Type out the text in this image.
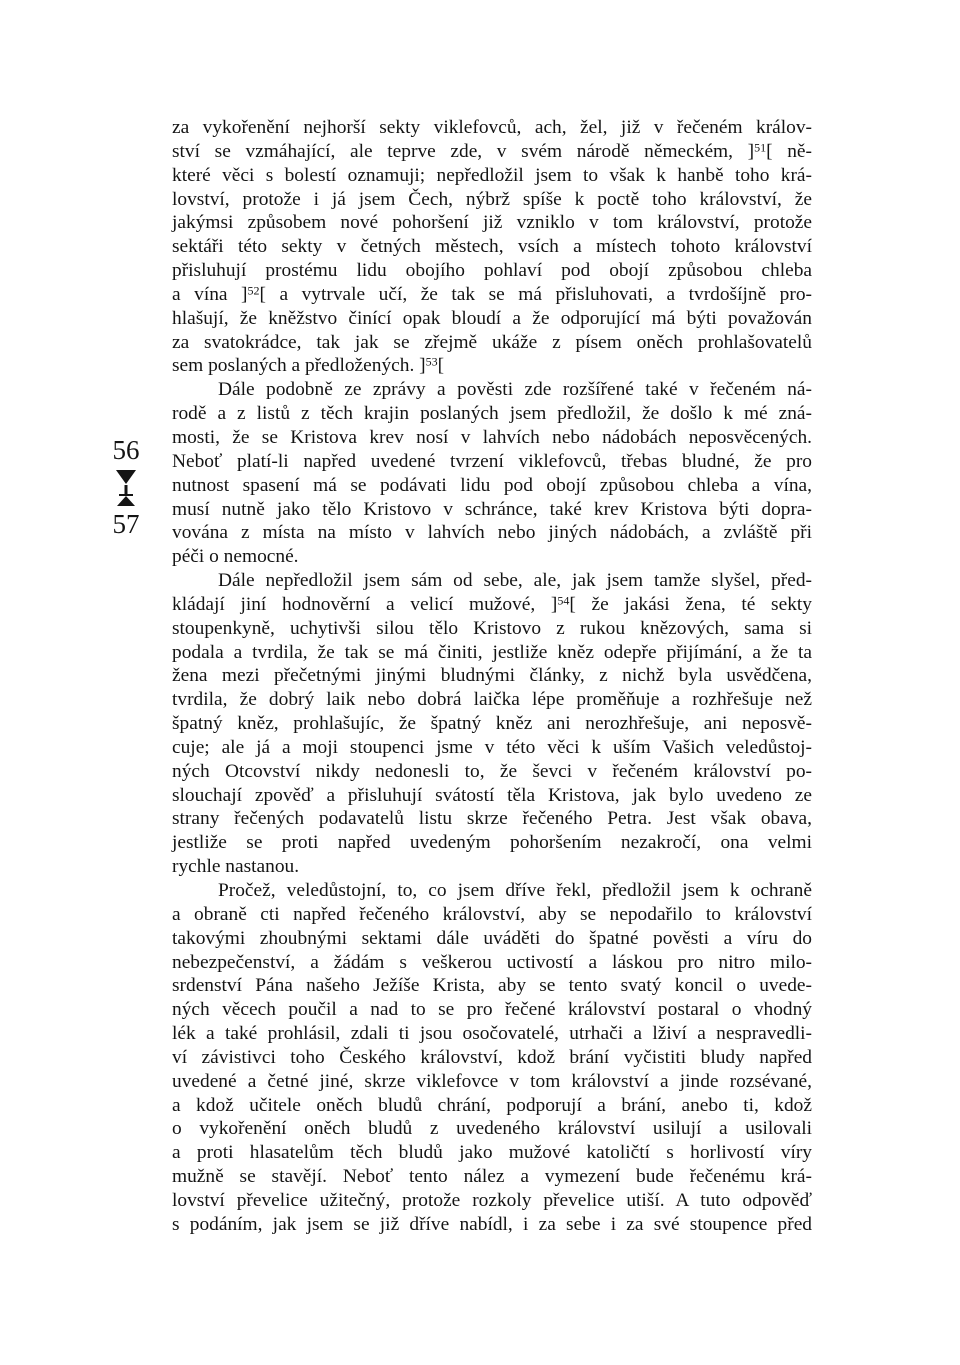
56
57
za vykořenění nejhorší sekty viklefovců, ach, žel, již v řečeném králov-
ství se vzmáhající, ale teprve zde, v svém národě německém, ]$^{51}$[ ně-
které věci s bolestí oznamuji; nepředložil jsem to však k hanbě toho krá-
lovství, protože i já jsem Čech, nýbrž spíše k poctě toho království, že
jakýmsi způsobem nové pohoršení již vzniklo v tom království, protože
sektáři této sekty v četných městech, vsích a místech tohoto království
přisluhují prostému lidu obojího pohlaví pod obojí způsobou chleba
a vína ]$^{52}$[ a vytrvale učí, že tak se má přisluhovati, a tvrdošíjně pro-
hlašují, že kněžstvo činící opak bloudí a že odporující má býti považován
za svatokrádce, tak jak se zřejmě ukáže z písem oněch prohlašovatelů
sem poslaných a předložených. ]$^{53}$[
Dále podobně ze zprávy a pověsti zde rozšířené také v řečeném ná-
rodě a z listů z těch krajin poslaných jsem předložil, že došlo k mé zná-
mosti, že se Kristova krev nosí v lahvích nebo nádobách neposvěcených.
Neboť platí-li napřed uvedené tvrzení viklefovců, třebas bludné, že pro
nutnost spasení má se podávati lidu pod obojí způsobou chleba a vína,
musí nutně jako tělo Kristovo v schránce, také krev Kristova býti dopra-
vována z místa na místo v lahvích nebo jiných nádobách, a zvláště při
péči o nemocné.
Dále nepředložil jsem sám od sebe, ale, jak jsem tamže slyšel, před-
kládají jiní hodnověrní a velicí mužové, ]$^{54}$[ že jakási žena, té sekty
stoupenkyně, uchytivši silou tělo Kristovo z rukou knězových, sama si
podala a tvrdila, že tak se má činiti, jestliže kněz odepře přijímání, a že ta
žena mezi přečetnými jinými bludnými články, z nichž byla usvědčena,
tvrdila, že dobrý laik nebo dobrá laička lépe proměňuje a rozhřešuje než
špatný kněz, prohlašujíc, že špatný kněz ani nerozhřešuje, ani neposvě-
cuje; ale já a moji stoupenci jsme v této věci k uším Vašich veledůstoj-
ných Otcovství nikdy nedonesli to, že ševci v řečeném království po-
slouchají zpověď a přisluhují svátostí těla Kristova, jak bylo uvedeno ze
strany řečených podavatelů listu skrze řečeného Petra. Jest však obava,
jestliže se proti napřed uvedeným pohoršením nezakročí, ona velmi
rychle nastanou.
Pročež, veledůstojní, to, co jsem dříve řekl, předložil jsem k ochraně
a obraně cti napřed řečeného království, aby se nepodařilo to království
takovými zhoubnými sektami dále uváděti do špatné pověsti a víru do
nebezpečenství, a žádám s veškerou uctivostí a láskou pro nitro milo-
srdenství Pána našeho Ježíše Krista, aby se tento svatý koncil o uvede-
ných věcech poučil a nad to se pro řečené království postaral o vhodný
lék a také prohlásil, zdali ti jsou osočovatelé, utrhači a lživí a nespravedli-
ví závistivci toho Českého království, kdož brání vyčistiti bludy napřed
uvedené a četné jiné, skrze viklefovce v tom království a jinde rozsévané,
a kdož učitele oněch bludů chrání, podporují a brání, anebo ti, kdož
o vykořenění oněch bludů z uvedeného království usilují a usilovali
a proti hlasatelům těch bludů jako mužové katoličtí s horlivostí víry
mužně se stavějí. Neboť tento nález a vymezení bude řečenému krá-
lovství převelice užitečný, protože rozkoly převelice utiší. A tuto odpověď
s podáním, jak jsem se již dříve nabídl, i za sebe i za své stoupence před
